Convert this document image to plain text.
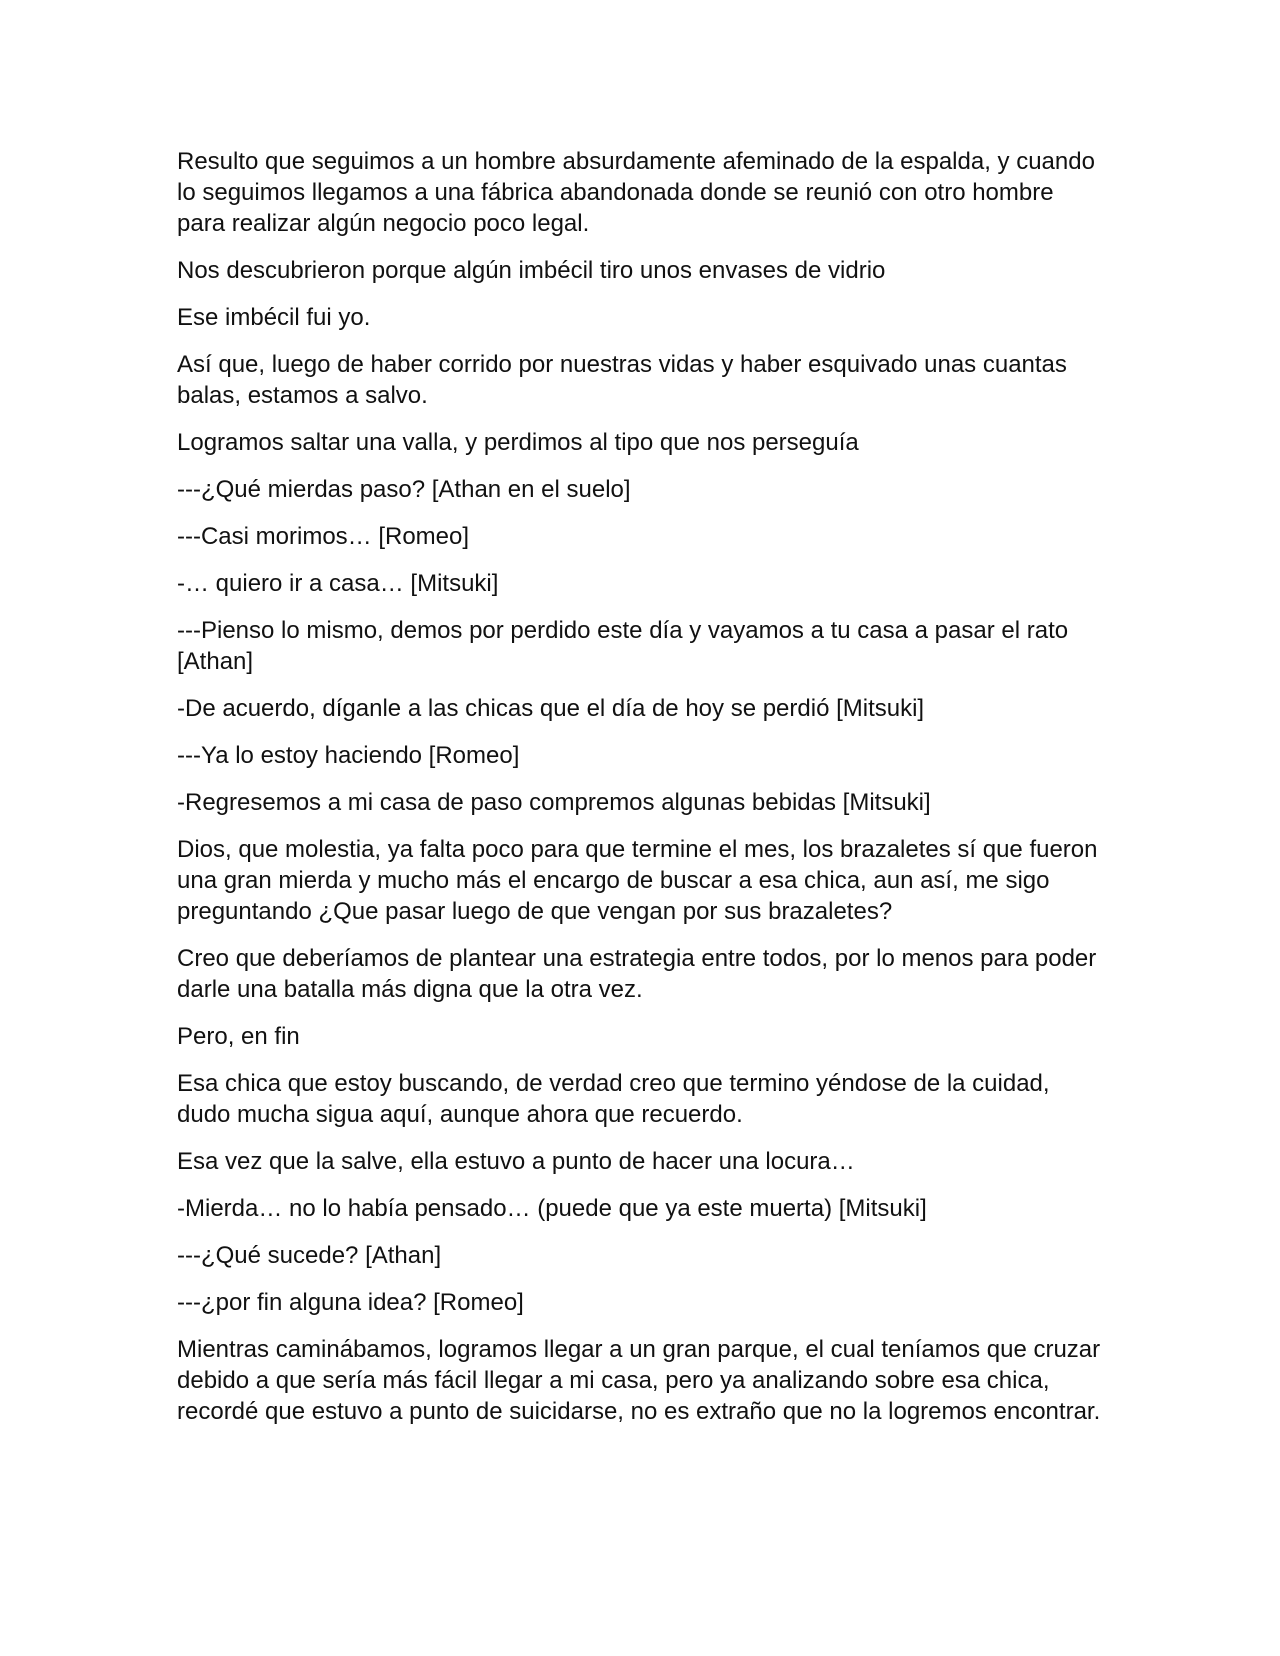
Resulto que seguimos a un hombre absurdamente afeminado de la espalda, y cuando lo seguimos llegamos a una fábrica abandonada donde se reunió con otro hombre para realizar algún negocio poco legal.

Nos descubrieron porque algún imbécil tiro unos envases de vidrio

Ese imbécil fui yo.

Así que, luego de haber corrido por nuestras vidas y haber esquivado unas cuantas balas, estamos a salvo.

Logramos saltar una valla, y perdimos al tipo que nos perseguía

---¿Qué mierdas paso? [Athan en el suelo]

---Casi morimos… [Romeo]

-… quiero ir a casa… [Mitsuki]

---Pienso lo mismo, demos por perdido este día y vayamos a tu casa a pasar el rato [Athan]

-De acuerdo, díganle a las chicas que el día de hoy se perdió [Mitsuki]

---Ya lo estoy haciendo [Romeo]

-Regresemos a mi casa de paso compremos algunas bebidas [Mitsuki]

Dios, que molestia, ya falta poco para que termine el mes, los brazaletes sí que fueron una gran mierda y mucho más el encargo de buscar a esa chica, aun así, me sigo preguntando ¿Que pasar luego de que vengan por sus brazaletes?

Creo que deberíamos de plantear una estrategia entre todos, por lo menos para poder darle una batalla más digna que la otra vez.

Pero, en fin

Esa chica que estoy buscando, de verdad creo que termino yéndose de la cuidad, dudo mucha sigua aquí, aunque ahora que recuerdo.

Esa vez que la salve, ella estuvo a punto de hacer una locura…

-Mierda… no lo había pensado… (puede que ya este muerta) [Mitsuki]

---¿Qué sucede? [Athan]

---¿por fin alguna idea? [Romeo]

Mientras caminábamos, logramos llegar a un gran parque, el cual teníamos que cruzar debido a que sería más fácil llegar a mi casa, pero ya analizando sobre esa chica, recordé que estuvo a punto de suicidarse, no es extraño que no la logremos encontrar.
